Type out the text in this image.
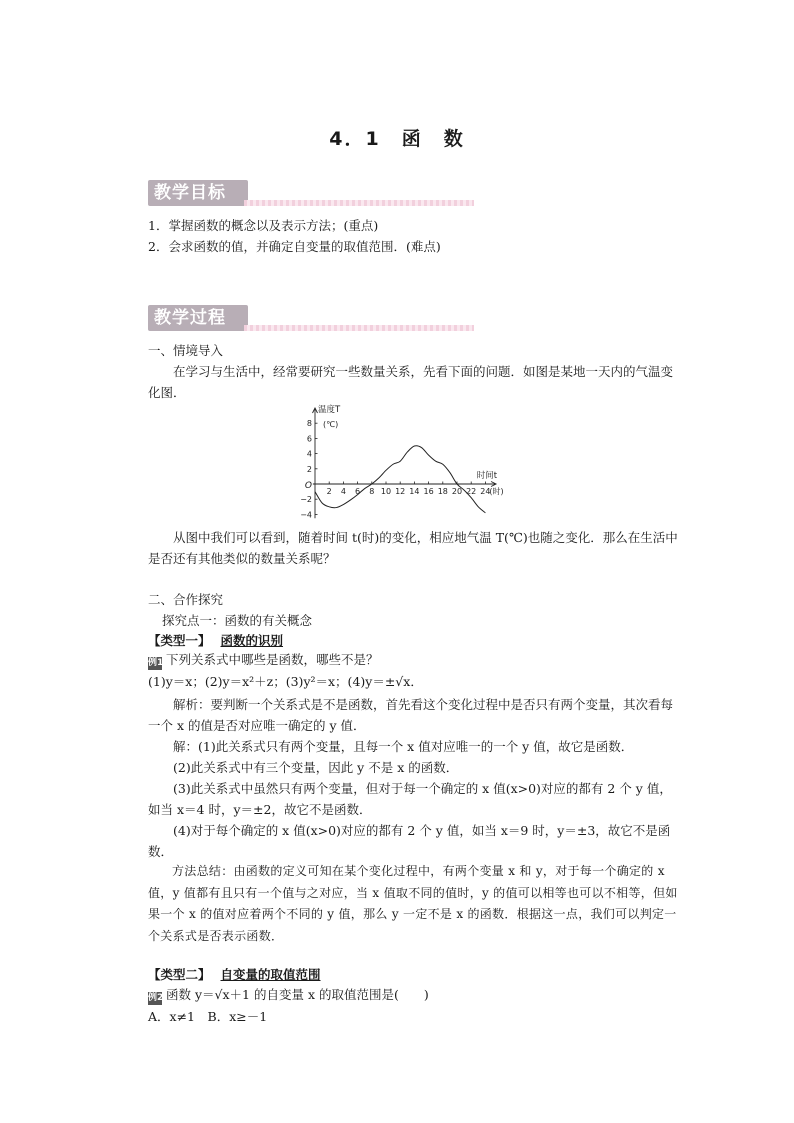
4．1　函　数
教学目标
1．掌握函数的概念以及表示方法；(重点)
2．会求函数的值，并确定自变量的取值范围．(难点)
教学过程
一、情境导入
在学习与生活中，经常要研究一些数量关系，先看下面的问题．如图是某地一天内的气温变化图．
2 4 6 8 10 12 14 16 18 20 22 24
−4
−2
2
4
6
8
O
温度T
(℃)
时间t
(时)
从图中我们可以看到，随着时间 t(时)的变化，相应地气温 T(℃)也随之变化．那么在生活中是否还有其他类似的数量关系呢？
二、合作探究
探究点一：函数的有关概念
【类型一】 函数的识别
例1 下列关系式中哪些是函数，哪些不是？
(1)y＝x；(2)y＝x²＋z；(3)y²＝x；(4)y＝±√x．
解析：要判断一个关系式是不是函数，首先看这个变化过程中是否只有两个变量，其次看每一个 x 的值是否对应唯一确定的 y 值．
解：(1)此关系式只有两个变量，且每一个 x 值对应唯一的一个 y 值，故它是函数．
(2)此关系式中有三个变量，因此 y 不是 x 的函数．
(3)此关系式中虽然只有两个变量，但对于每一个确定的 x 值(x>0)对应的都有 2 个 y 值，如当 x＝4 时，y＝±2，故它不是函数．
(4)对于每个确定的 x 值(x>0)对应的都有 2 个 y 值，如当 x＝9 时，y＝±3，故它不是函数．
方法总结：由函数的定义可知在某个变化过程中，有两个变量 x 和 y，对于每一个确定的 x 值，y 值都有且只有一个值与之对应，当 x 值取不同的值时，y 的值可以相等也可以不相等，但如果一个 x 的值对应着两个不同的 y 值，那么 y 一定不是 x 的函数．根据这一点，我们可以判定一个关系式是否表示函数．
【类型二】 自变量的取值范围
例2 函数 y＝√x＋1 的自变量 x 的取值范围是(　　)
A．x≠1　B．x≥－1
